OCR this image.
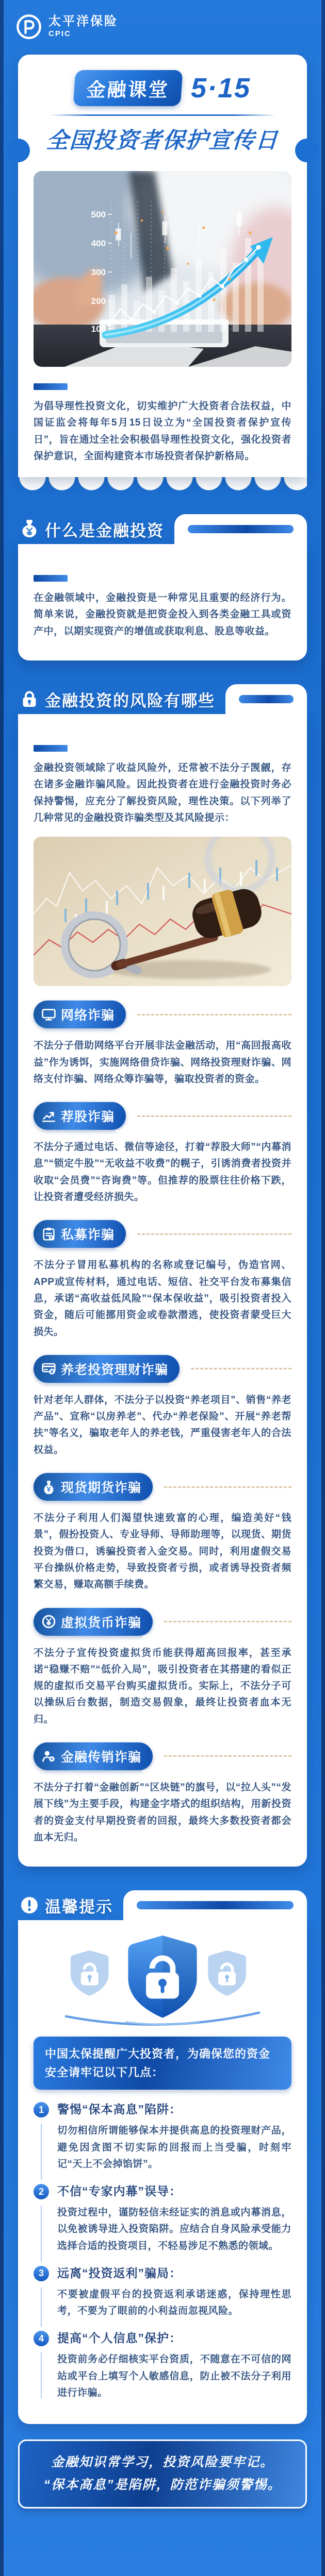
太平洋保险
CPIC
金融课堂 5·15
全国投资者保护宣传日
500
400
300
200
100

为倡导理性投资文化，切实维护广大投资者合法权益，中国证监会将每年5月15日设立为“全国投资者保护宣传日”，旨在通过全社会积极倡导理性投资文化，强化投资者保护意识，全面构建资本市场投资者保护新格局。

什么是金融投资

在金融领域中，金融投资是一种常见且重要的经济行为。简单来说，金融投资就是把资金投入到各类金融工具或资产中，以期实现资产的增值或获取利息、股息等收益。

金融投资的风险有哪些

金融投资领域除了收益风险外，还常被不法分子觊觎，存在诸多金融诈骗风险。因此投资者在进行金融投资时务必保持警惕，应充分了解投资风险，理性决策。以下列举了几种常见的金融投资诈骗类型及其风险提示：

网络诈骗

不法分子借助网络平台开展非法金融活动，用“高回报高收益”作为诱饵，实施网络借贷诈骗、网络投资理财诈骗、网络支付诈骗、网络众筹诈骗等，骗取投资者的资金。

荐股诈骗

不法分子通过电话、微信等途径，打着“荐股大师”“内幕消息”“锁定牛股”“无收益不收费”的幌子，引诱消费者投资并收取“会员费”“咨询费”等。但推荐的股票往往价格下跌，让投资者遭受经济损失。

私募诈骗

不法分子冒用私募机构的名称或登记编号，伪造官网、APP或宣传材料，通过电话、短信、社交平台发布募集信息，承诺“高收益低风险”“保本保收益”，吸引投资者投入资金，随后可能挪用资金或卷款潜逃，使投资者蒙受巨大损失。

养老投资理财诈骗

针对老年人群体，不法分子以投资“养老项目”、销售“养老产品”、宣称“以房养老”、代办“养老保险”、开展“养老帮扶”等名义，骗取老年人的养老钱，严重侵害老年人的合法权益。

现货期货诈骗

不法分子利用人们渴望快速致富的心理，编造美好“钱景”，假扮投资人、专业导师、导师助理等，以现货、期货投资为借口，诱骗投资者入金交易。同时，利用虚假交易平台操纵价格走势，导致投资者亏损，或者诱导投资者频繁交易，赚取高额手续费。

虚拟货币诈骗

不法分子宣传投资虚拟货币能获得超高回报率，甚至承诺“稳赚不赔”“低价入局”，吸引投资者在其搭建的看似正规的虚拟币交易平台购买虚拟货币。实际上，不法分子可以操纵后台数据，制造交易假象，最终让投资者血本无归。

金融传销诈骗

不法分子打着“金融创新”“区块链”的旗号，以“拉人头”“发展下线”为主要手段，构建金字塔式的组织结构，用新投资者的资金支付早期投资者的回报，最终大多数投资者都会血本无归。

温馨提示
中国太保提醒广大投资者，为确保您的资金安全请牢记以下几点：
1	警惕“保本高息”陷阱：

切勿相信所谓能够保本并提供高息的投资理财产品，避免因贪图不切实际的回报而上当受骗，时刻牢记“天上不会掉馅饼”。

2	不信“专家内幕”误导：

投资过程中，谨防轻信未经证实的消息或内幕消息，以免被诱导进入投资陷阱。应结合自身风险承受能力选择合适的投资项目，不轻易涉足不熟悉的领域。

3	远离“投资返利”骗局：

不要被虚假平台的投资返利承诺迷惑，保持理性思考，不要为了眼前的小利益而忽视风险。

4	提高“个人信息”保护：

投资前务必仔细核实平台资质，不随意在不可信的网站或平台上填写个人敏感信息，防止被不法分子利用进行诈骗。

金融知识常学习，投资风险要牢记。

“保本高息”是陷阱，防范诈骗须警惕。
